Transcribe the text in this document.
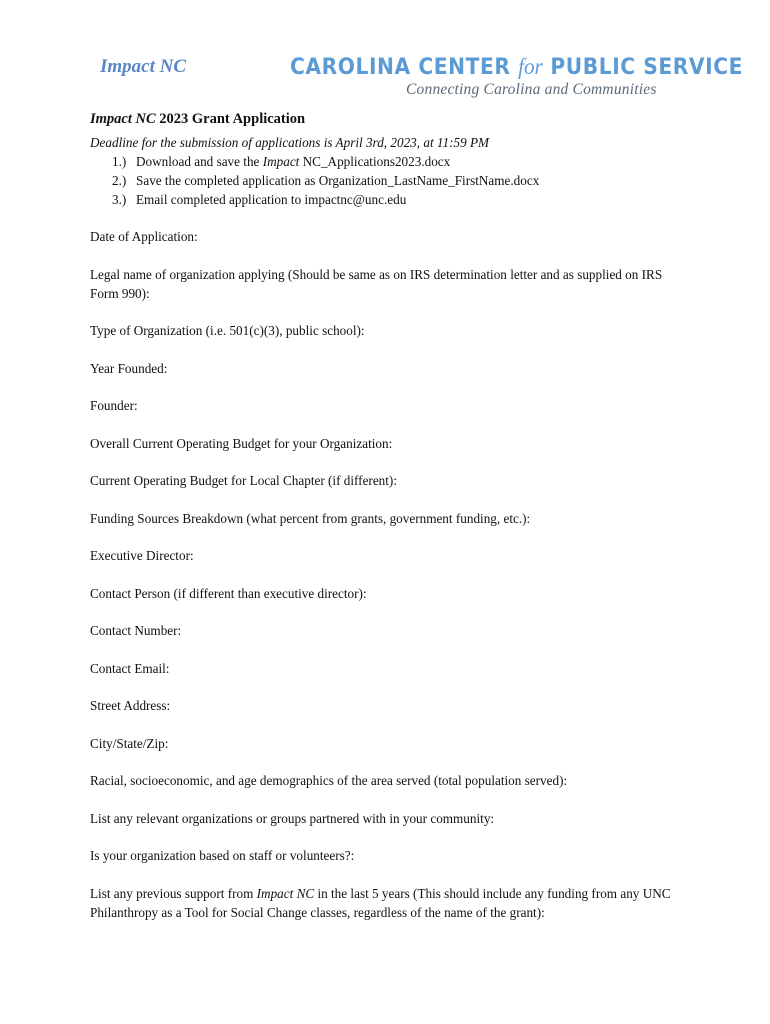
Impact NC	CAROLINA CENTER for PUBLIC SERVICE
Connecting Carolina and Communities

Impact NC 2023 Grant Application

Deadline for the submission of applications is April 3rd, 2023, at 11:59 PM

1.) Download and save the Impact NC_Applications2023.docx
2.) Save the completed application as Organization_LastName_FirstName.docx
3.) Email completed application to impactnc@unc.edu

Date of Application:

Legal name of organization applying (Should be same as on IRS determination letter and as supplied on IRS Form 990):

Type of Organization (i.e. 501(c)(3), public school):

Year Founded:

Founder:

Overall Current Operating Budget for your Organization:

Current Operating Budget for Local Chapter (if different):

Funding Sources Breakdown (what percent from grants, government funding, etc.):

Executive Director:

Contact Person (if different than executive director):

Contact Number:

Contact Email:

Street Address:

City/State/Zip:

Racial, socioeconomic, and age demographics of the area served (total population served):

List any relevant organizations or groups partnered with in your community:

Is your organization based on staff or volunteers?:

List any previous support from Impact NC in the last 5 years (This should include any funding from any UNC Philanthropy as a Tool for Social Change classes, regardless of the name of the grant):
